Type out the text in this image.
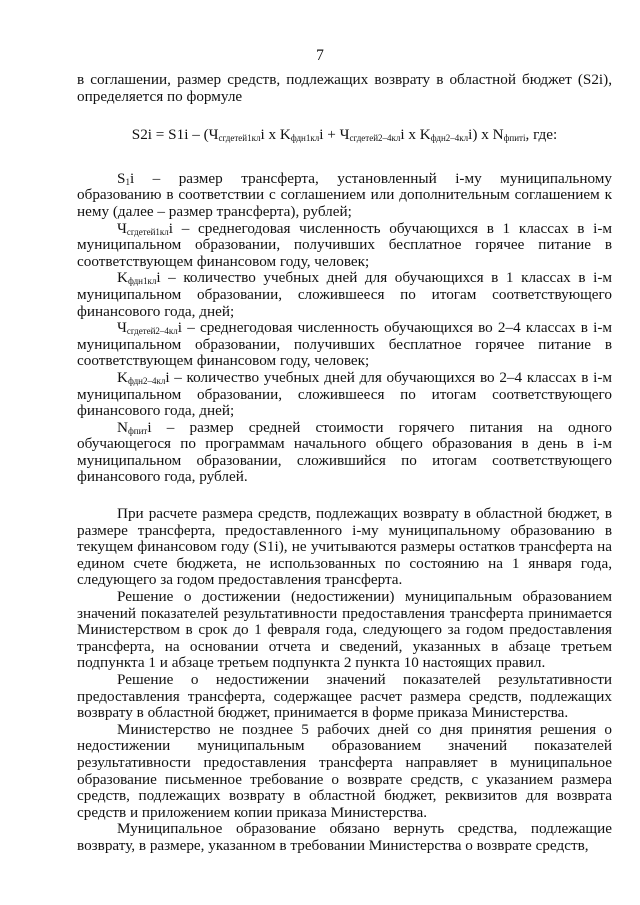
7

в соглашении, размер средств, подлежащих возврату в областной бюджет (S2i), определяется по формуле

$S2i = S1i - (Ч_{сгдетей1кл}i$ x $K_{фдн1кл}i + Ч_{сгдетей2-4кл}i$ x $K_{фдн2-4кл}i$) x $N_{фпитi}$, где:

$S_1i$ – размер трансферта, установленный i-му муниципальному образованию в соответствии с соглашением или дополнительным соглашением к нему (далее – размер трансферта), рублей;

$Ч_{сгдетей1кл}i$ – среднегодовая численность обучающихся в 1 классах в i-м муниципальном образовании, получивших бесплатное горячее питание в соответствующем финансовом году, человек;

$K_{фдн1кл}i$ – количество учебных дней для обучающихся в 1 классах в i-м муниципальном образовании, сложившееся по итогам соответствующего финансового года, дней;

$Ч_{сгдетей2-4кл}i$ – среднегодовая численность обучающихся во 2–4 классах в i-м муниципальном образовании, получивших бесплатное горячее питание в соответствующем финансовом году, человек;

$K_{фдн2-4кл}i$ – количество учебных дней для обучающихся во 2–4 классах в i-м муниципальном образовании, сложившееся по итогам соответствующего финансового года, дней;

$N_{фпит}i$ – размер средней стоимости горячего питания на одного обучающегося по программам начального общего образования в день в i-м муниципальном образовании, сложившийся по итогам соответствующего финансового года, рублей.

При расчете размера средств, подлежащих возврату в областной бюджет, в размере трансферта, предоставленного i-му муниципальному образованию в текущем финансовом году (S1i), не учитываются размеры остатков трансферта на едином счете бюджета, не использованных по состоянию на 1 января года, следующего за годом предоставления трансферта.

Решение о достижении (недостижении) муниципальным образованием значений показателей результативности предоставления трансферта принимается Министерством в срок до 1 февраля года, следующего за годом предоставления трансферта, на основании отчета и сведений, указанных в абзаце третьем подпункта 1 и абзаце третьем подпункта 2 пункта 10 настоящих правил.

Решение о недостижении значений показателей результативности предоставления трансферта, содержащее расчет размера средств, подлежащих возврату в областной бюджет, принимается в форме приказа Министерства.

Министерство не позднее 5 рабочих дней со дня принятия решения о недостижении муниципальным образованием значений показателей результативности предоставления трансферта направляет в муниципальное образование письменное требование о возврате средств, с указанием размера средств, подлежащих возврату в областной бюджет, реквизитов для возврата средств и приложением копии приказа Министерства.

Муниципальное образование обязано вернуть средства, подлежащие возврату, в размере, указанном в требовании Министерства о возврате средств,
